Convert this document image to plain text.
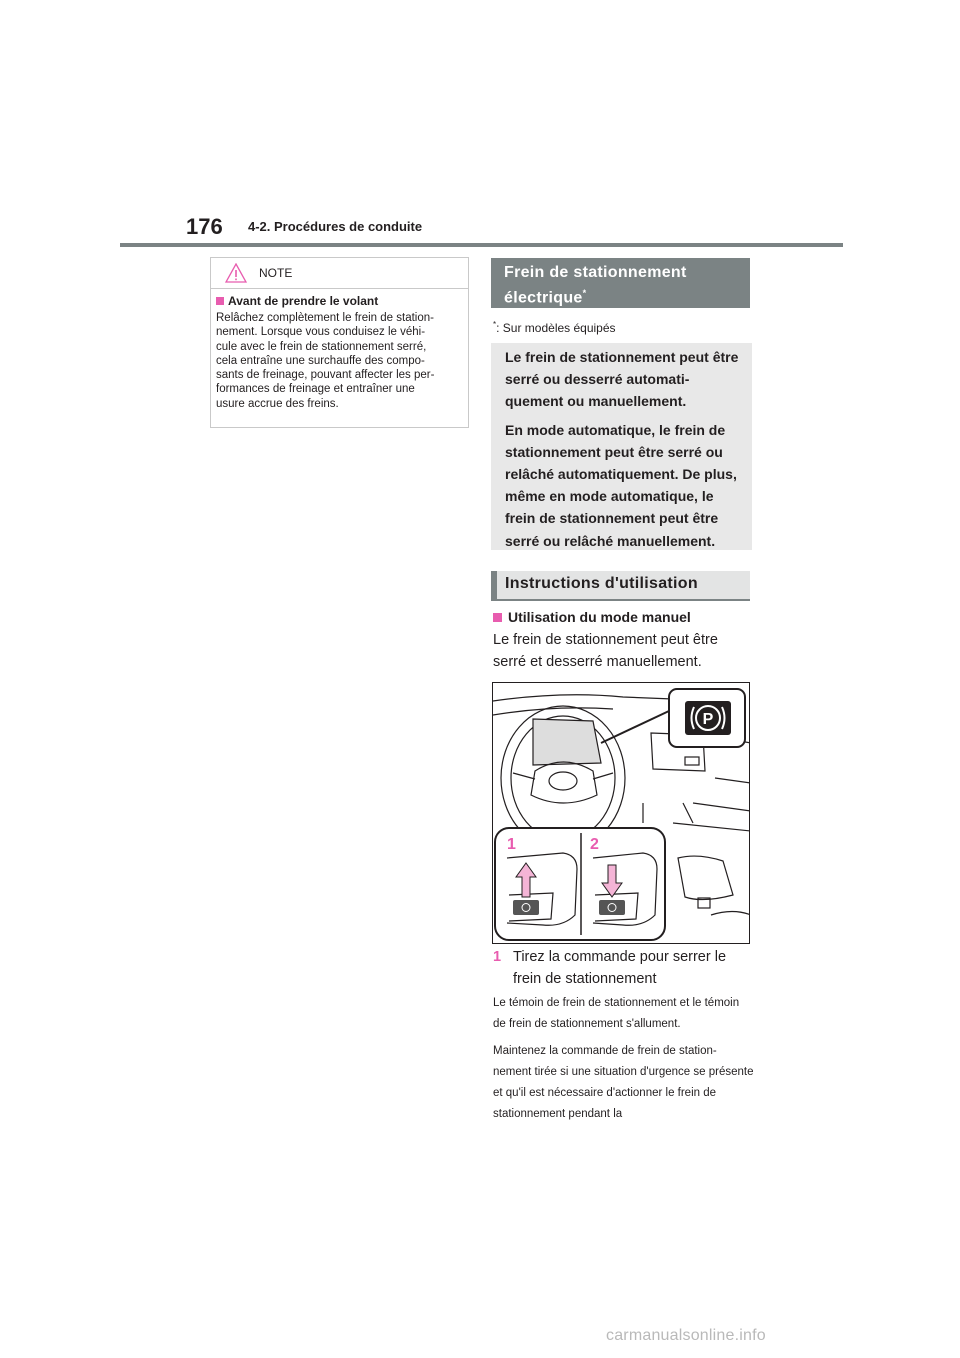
176 4-2. Procédures de conduite
NOTE
Avant de prendre le volant
Relâchez complètement le frein de station-
nement. Lorsque vous conduisez le véhi-
cule avec le frein de stationnement serré,
cela entraîne une surchauffe des compo-
sants de freinage, pouvant affecter les per-
formances de freinage et entraîner une
usure accrue des freins.
Frein de stationnement
électrique*
*: Sur modèles équipés

Le frein de stationnement peut être serré ou desserré automati-quement ou manuellement.

En mode automatique, le frein de stationnement peut être serré ou relâché automatiquement. De plus, même en mode automatique, le frein de stationnement peut être serré ou relâché manuellement.

Instructions d'utilisation
Utilisation du mode manuel
Le frein de stationnement peut être serré et desserré manuellement.
P
1	2
1 Tirez la commande pour serrer le frein de stationnement

Le témoin de frein de stationnement et le témoin de frein de stationnement s'allument.

Maintenez la commande de frein de station-nement tirée si une situation d'urgence se présente et qu'il est nécessaire d'actionner le frein de stationnement pendant la

carmanualsonline.info
